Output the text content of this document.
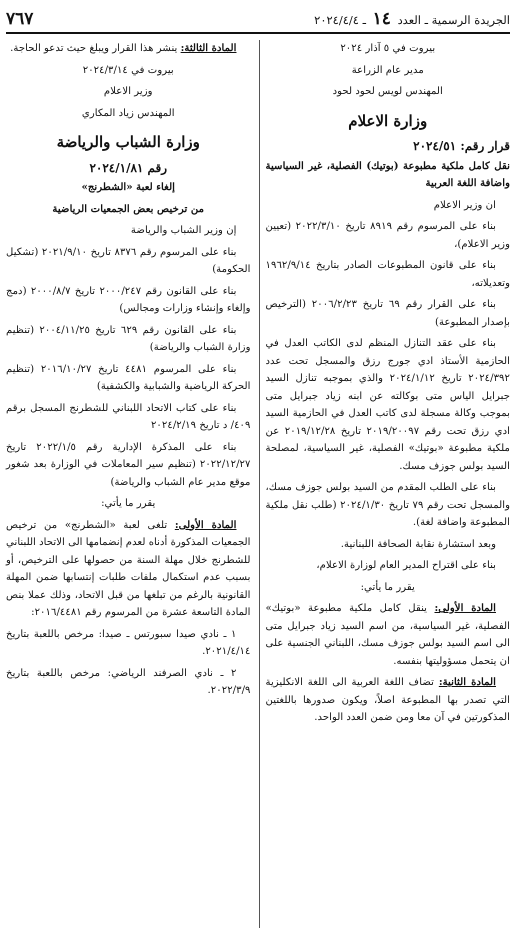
الجريدة الرسمية ـ العدد ١٤ ـ ٢٠٢٤/٤/٤
٧٦٧

بيروت في ٥ آذار ٢٠٢٤

مدير عام الزراعة

المهندس لويس لحود لحود

وزارة الاعلام
قرار رقم: ٢٠٢٤/٥١

نقل كامل ملكية مطبوعة (بوتيك) الفصلية، غير السياسية واضافة اللغة العربية

ان وزير الاعلام

بناء على المرسوم رقم ٨٩١٩ تاريخ ٢٠٢٢/٣/١٠ (تعيين وزير الاعلام)،

بناء على قانون المطبوعات الصادر بتاريخ ١٩٦٢/٩/١٤ وتعديلاته،

بناء على القرار رقم ٦٩ تاريخ ٢٠٠٦/٢/٢٣ (الترخيص بإصدار المطبوعة)

بناء على عقد التنازل المنظم لدى الكاتب العدل في الحازمية الأستاذ ادي جورج رزق والمسجل تحت عدد ٢٠٢٤/٣٩٢ تاريخ ٢٠٢٤/١/١٢ والذي بموجبه تنازل السيد جبرايل الياس متى بوكالته عن ابنه زياد جبرايل متى بموجب وكالة مسجلة لدى كاتب العدل في الحازمية السيد ادي رزق تحت رقم ٢٠١٩/٢٠٠٩٧ تاريخ ٢٠١٩/١٢/٢٨ عن ملكية مطبوعة «بوتيك» الفصلية، غير السياسية، لمصلحة السيد بولس جوزف مسك.

بناء على الطلب المقدم من السيد بولس جوزف مسك، والمسجل تحت رقم ٧٩ تاريخ ٢٠٢٤/١/٣٠ (طلب نقل ملكية المطبوعة واضافة لغة).

وبعد استشارة نقابة الصحافة اللبنانية.

بناء على اقتراح المدير العام لوزارة الاعلام،

يقرر ما يأتي:

المادة الأولى: ينقل كامل ملكية مطبوعة «بوتيك» الفصلية، غير السياسية، من اسم السيد زياد جبرايل متى الى اسم السيد بولس جوزف مسك، اللبناني الجنسية على ان يتحمل مسؤوليتها بنفسه.

المادة الثانية: تضاف اللغة العربية الى اللغة الانكليزية التي تصدر بها المطبوعة اصلاً، ويكون صدورها باللغتين المذكورتين في آن معا ومن ضمن العدد الواحد.

المادة الثالثة: ينشر هذا القرار ويبلغ حيث تدعو الحاجة.

بيروت في ٢٠٢٤/٣/١٤

وزير الاعلام

المهندس زياد المكاري

وزارة الشباب والرياضة
رقم ٢٠٢٤/١/٨١

إلغاء لعبة «الشطرنج»

من ترخيص بعض الجمعيات الرياضية

إن وزير الشباب والرياضة

بناء على المرسوم رقم ٨٣٧٦ تاريخ ٢٠٢١/٩/١٠ (تشكيل الحكومة)

بناء على القانون رقم ٢٠٠٠/٢٤٧ تاريخ ٢٠٠٠/٨/٧ (دمج وإلغاء وإنشاء وزارات ومجالس)

بناء على القانون رقم ٦٢٩ تاريخ ٢٠٠٤/١١/٢٥ (تنظيم وزارة الشباب والرياضة)

بناء على المرسوم ٤٤٨١ تاريخ ٢٠١٦/١٠/٢٧ (تنظيم الحركة الرياضية والشبابية والكشفية)

بناء على كتاب الاتحاد اللبناني للشطرنج المسجل برقم ٤٠٩/ د تاريخ ٢٠٢٤/٢/١٩

بناء على المذكرة الإدارية رقم ٢٠٢٢/١/٥ تاريخ ٢٠٢٢/١٢/٢٧ (تنظيم سير المعاملات في الوزارة بعد شغور موقع مدير عام الشباب والرياضة)

يقرر ما يأتي:

المادة الأولى: تلغى لعبة «الشطرنج» من ترخيص الجمعيات المذكورة أدناه لعدم إنضمامها الى الاتحاد اللبناني للشطرنج خلال مهلة السنة من حصولها على الترخيص، أو بسبب عدم استكمال ملفات طلبات إنتسابها ضمن المهلة القانونية بالرغم من تبلغها من قبل الاتحاد، وذلك عملا بنص المادة التاسعة عشرة من المرسوم رقم ٢٠١٦/٤٤٨١:

١ ـ نادي صيدا سبورتس ـ صيدا: مرخص باللعبة بتاريخ ٢٠٢١/٤/١٤.

٢ ـ نادي الصرفند الرياضي: مرخص باللعبة بتاريخ ٢٠٢٢/٣/٩.
